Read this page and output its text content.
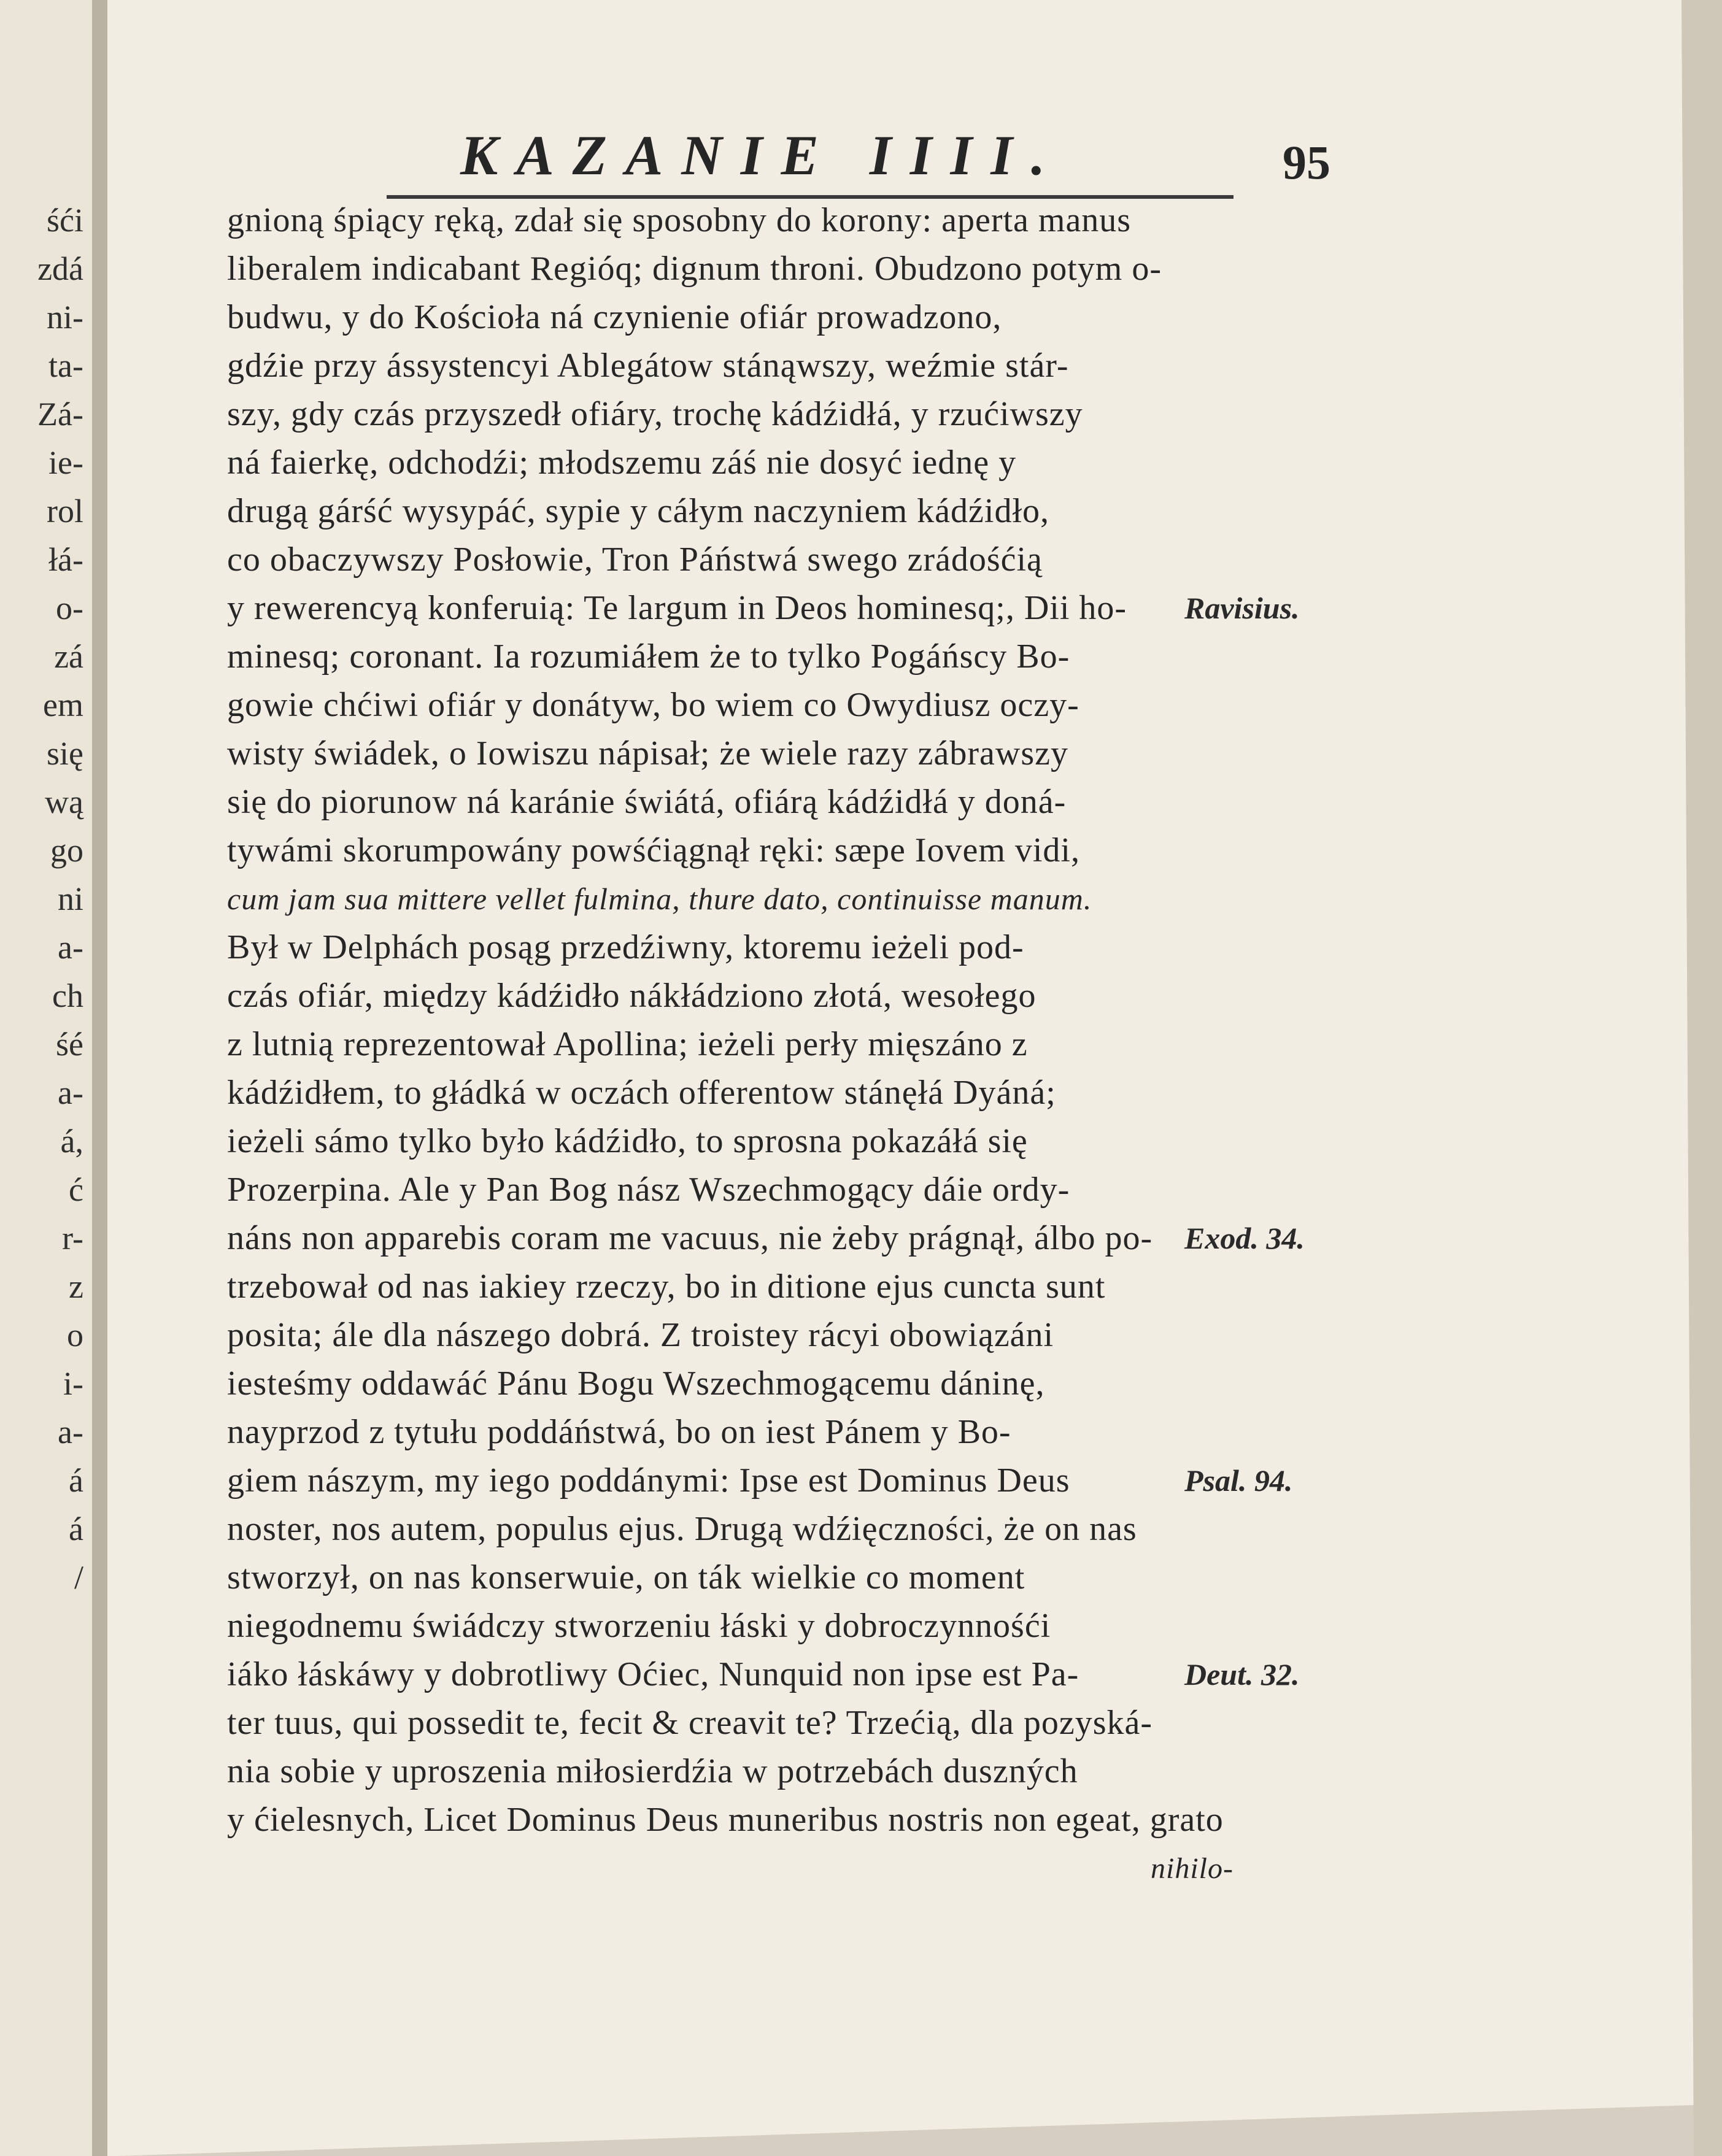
śći
zdá
ni-
ta-
Zá-
ie-
rol
łá-
o-
zá
em
się
wą
go
ni
a-
ch
śé
a-
á,
ć
r-
z
o
i-
a-
á
á
/
KAZANIE IIII.	95
gnioną śpiący ręką, zdał się sposobny do korony: aperta manus
liberalem indicabant Regióq; dignum throni. Obudzono potym o-
budwu, y do Kościoła ná czynienie ofiár prowadzono,
gdźie przy ássystencyi Ablegátow stánąwszy, weźmie stár-
szy, gdy czás przyszedł ofiáry, trochę kádźidłá, y rzućiwszy
ná faierkę, odchodźi; młodszemu záś nie dosyć iednę y
drugą gárść wysypáć, sypie y cáłym naczyniem kádźidło,
co obaczywszy Posłowie, Tron Páństwá swego zrádośćią
y rewerencyą konferuią: Te largum in Deos hominesq;, Dii ho-
minesq; coronant. Ia rozumiáłem że to tylko Pogáńscy Bo-
gowie chćiwi ofiár y donátyw, bo wiem co Owydiusz oczy-
wisty świádek, o Iowiszu nápisał; że wiele razy zábrawszy
się do piorunow ná karánie świátá, ofiárą kádźidłá y doná-
tywámi skorumpowány powśćiągnął ręki: sæpe Iovem vidi,
cum jam sua mittere vellet fulmina, thure dato, continuisse manum.
Był w Delphách posąg przedźiwny, ktoremu ieżeli pod-
czás ofiár, między kádźidło nákłádziono złotá, wesołego
z lutnią reprezentował Apollina; ieżeli perły mięszáno z
kádźidłem, to głádká w oczách offerentow stánęłá Dyáná;
ieżeli sámo tylko było kádźidło, to sprosna pokazáłá się
Prozerpina. Ale y Pan Bog nász Wszechmogący dáie ordy-
náns non apparebis coram me vacuus, nie żeby prágnął, álbo po-
trzebował od nas iakiey rzeczy, bo in ditione ejus cuncta sunt
posita; ále dla nászego dobrá. Z troistey rácyi obowiązáni
iesteśmy oddawáć Pánu Bogu Wszechmogącemu dáninę,
nayprzod z tytułu poddáństwá, bo on iest Pánem y Bo-
giem nászym, my iego poddánymi: Ipse est Dominus Deus
noster, nos autem, populus ejus. Drugą wdźięczności, że on nas
stworzył, on nas konserwuie, on ták wielkie co moment
niegodnemu świádczy stworzeniu łáski y dobroczynnośći
iáko łáskáwy y dobrotliwy Oćiec, Nunquid non ipse est Pa-
ter tuus, qui possedit te, fecit & creavit te? Trzećią, dla pozyská-
nia sobie y uproszenia miłosierdźia w potrzebách duszných
y ćielesnych, Licet Dominus Deus muneribus nostris non egeat, grato
nihilo-
Ravisius.
Exod. 34.
Psal. 94.
Deut. 32.
